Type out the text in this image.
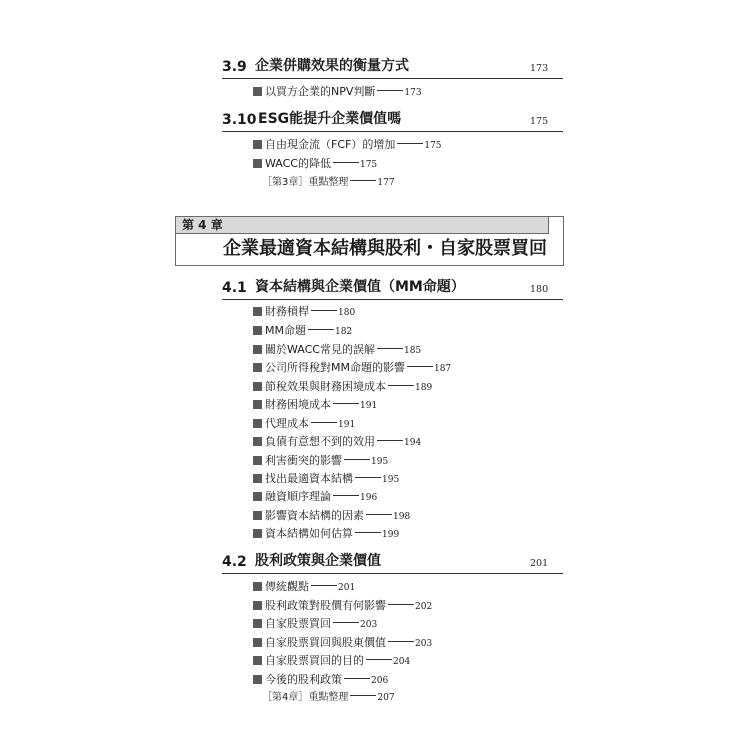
3.9 企業併購效果的衡量方式	173
以買方企業的NPV判斷	173
3.10 ESG能提升企業價值嗎	175
自由現金流（FCF）的增加	175
WACC的降低	175
［第3章］重點整理	177
第 4 章
企業最適資本結構與股利・自家股票買回
4.1 資本結構與企業價值（MM命題）	180
財務槓桿	180
MM命題	182
關於WACC常見的誤解	185
公司所得稅對MM命題的影響	187
節稅效果與財務困境成本	189
財務困境成本	191
代理成本	191
負債有意想不到的效用	194
利害衝突的影響	195
找出最適資本結構	195
融資順序理論	196
影響資本結構的因素	198
資本結構如何估算	199
4.2 股利政策與企業價值	201
傳統觀點	201
股利政策對股價有何影響	202
自家股票買回	203
自家股票買回與股東價值	203
自家股票買回的目的	204
今後的股利政策	206
［第4章］重點整理	207
